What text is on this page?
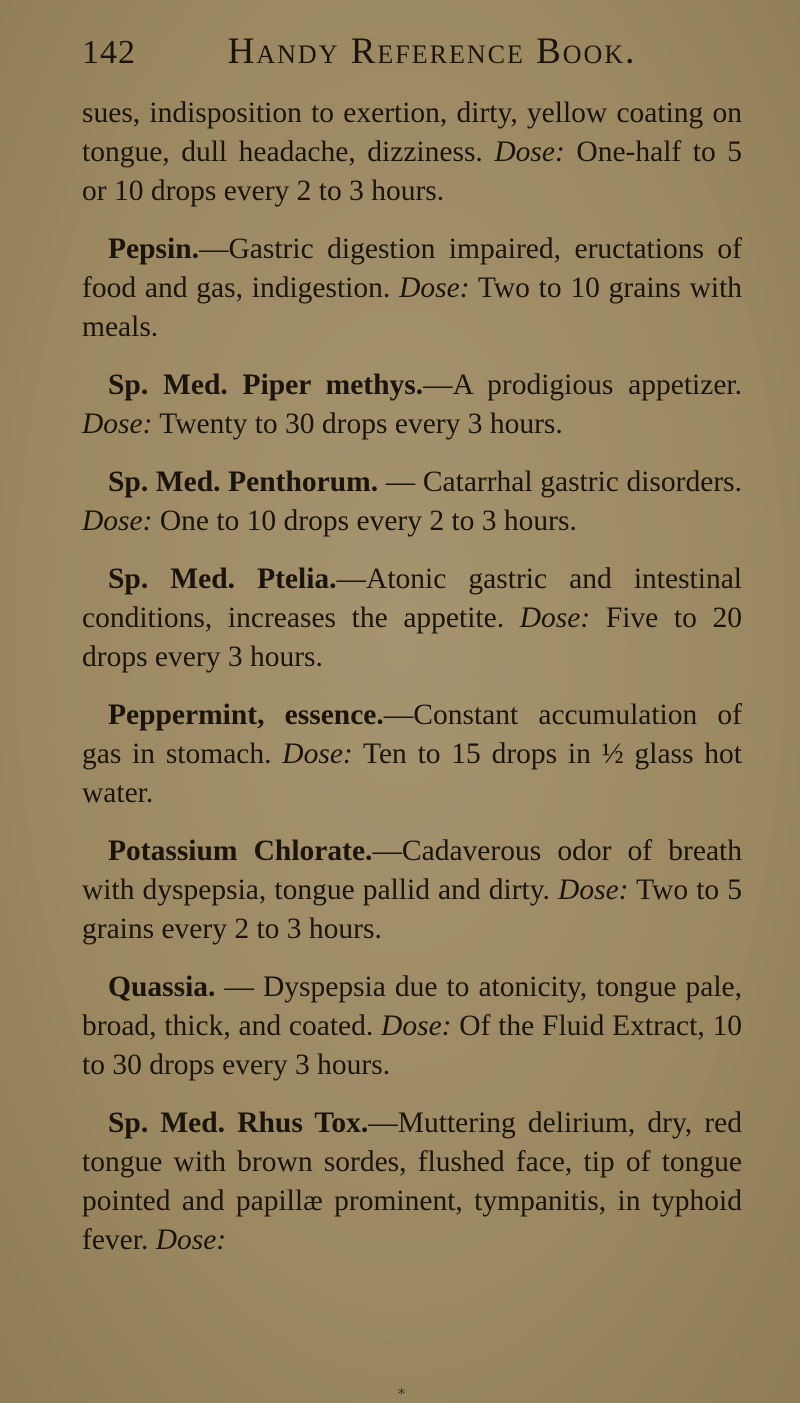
142	Handy Reference Book.

sues, indisposition to exertion, dirty, yellow coating on tongue, dull headache, dizziness. Dose: One-half to 5 or 10 drops every 2 to 3 hours.

Pepsin.—Gastric digestion impaired, eructations of food and gas, indigestion. Dose: Two to 10 grains with meals.

Sp. Med. Piper methys.—A prodigious appetizer. Dose: Twenty to 30 drops every 3 hours.

Sp. Med. Penthorum. — Catarrhal gastric disorders. Dose: One to 10 drops every 2 to 3 hours.

Sp. Med. Ptelia.—Atonic gastric and intestinal conditions, increases the appetite. Dose: Five to 20 drops every 3 hours.

Peppermint, essence.—Constant accumulation of gas in stomach. Dose: Ten to 15 drops in ½ glass hot water.

Potassium Chlorate.—Cadaverous odor of breath with dyspepsia, tongue pallid and dirty. Dose: Two to 5 grains every 2 to 3 hours.

Quassia. — Dyspepsia due to atonicity, tongue pale, broad, thick, and coated. Dose: Of the Fluid Extract, 10 to 30 drops every 3 hours.

Sp. Med. Rhus Tox.—Muttering delirium, dry, red tongue with brown sordes, flushed face, tip of tongue pointed and papillæ prominent, tympanitis, in typhoid fever. Dose:

⁎
